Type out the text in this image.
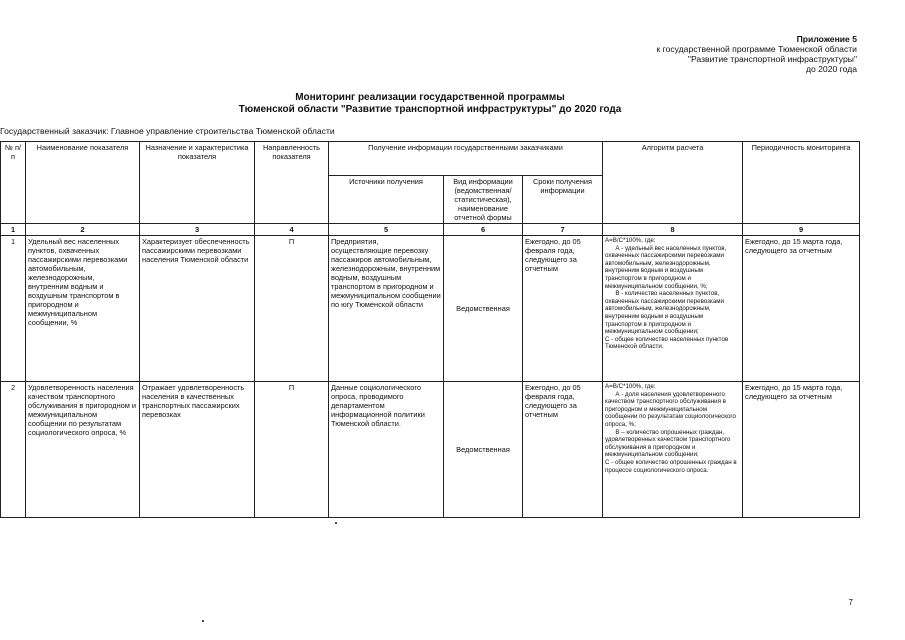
Приложение 5
к государственной программе Тюменской области
"Развитие транспортной инфраструктуры"
до 2020 года
Мониторинг реализации государственной программы
Тюменской области "Развитие транспортной инфраструктуры" до 2020 года
Государственный заказчик: Главное управление строительства Тюменской области
№ п/п	Наименование показателя	Назначение и характеристика показателя	Направленность показателя	Получение информации государственными заказчиками			Алгоритм расчета	Периодичность мониторинга
				Источники получения	Вид информации (ведомственная/ статистическая), наименование отчетной формы	Сроки получения информации		
1	2	3	4	5	6	7	8	9
1	Удельный вес населенных пунктов, охваченных пассажирскими перевозками автомобильным, железнодорожным, внутренним водным и воздушным транспортом в пригородном и межмуниципальном сообщении, %	Характеризует обеспеченность пассажирскими перевозками населения Тюменской области	П	Предприятия, осуществляющие перевозку пассажиров автомобильным, железнодорожным, внутренним водным, воздушным транспортом в пригородном и межмуниципальном сообщении по югу Тюменской области	Ведомственная	Ежегодно, до 05 февраля года, следующего за отчетным	А=В/С*100%, где:
А - удельный вес населенных пунктов, охваченных пассажирскими перевозками автомобильным, железнодорожным, внутренним водным и воздушным транспортом в пригородном и межмуниципальном сообщении, %;
В - количество населенных пунктов, охваченных пассажирскими перевозками автомобильным, железнодорожным, внутренним водным и воздушным транспортом в пригородном и межмуниципальном сообщении;
С - общее количество населенных пунктов Тюменской области.	Ежегодно, до 15 марта года, следующего за отчетным
2	Удовлетворенность населения качеством транспортного обслуживания в пригородном и межмуниципальном сообщении по результатам социологического опроса, %	Отражает удовлетворенность населения в качественных транспортных пассажирских перевозках	П	Данные социологического опроса, проводимого департаментом информационной политики Тюменской области.	Ведомственная	Ежегодно, до 05 февраля года, следующего за отчетным	А=В/С*100%, где:
А - доля населения удовлетворенного качеством транспортного обслуживания в пригородном и межмуниципальном сообщении по результатам социологического опроса, %;
В – количество опрошенных граждан, удовлетворенных качеством транспортного обслуживания в пригородном и межмуниципальном сообщении;
С - общее количество опрошенных граждан в процессе социологического опроса.	Ежегодно, до 15 марта года, следующего за отчетным
7
